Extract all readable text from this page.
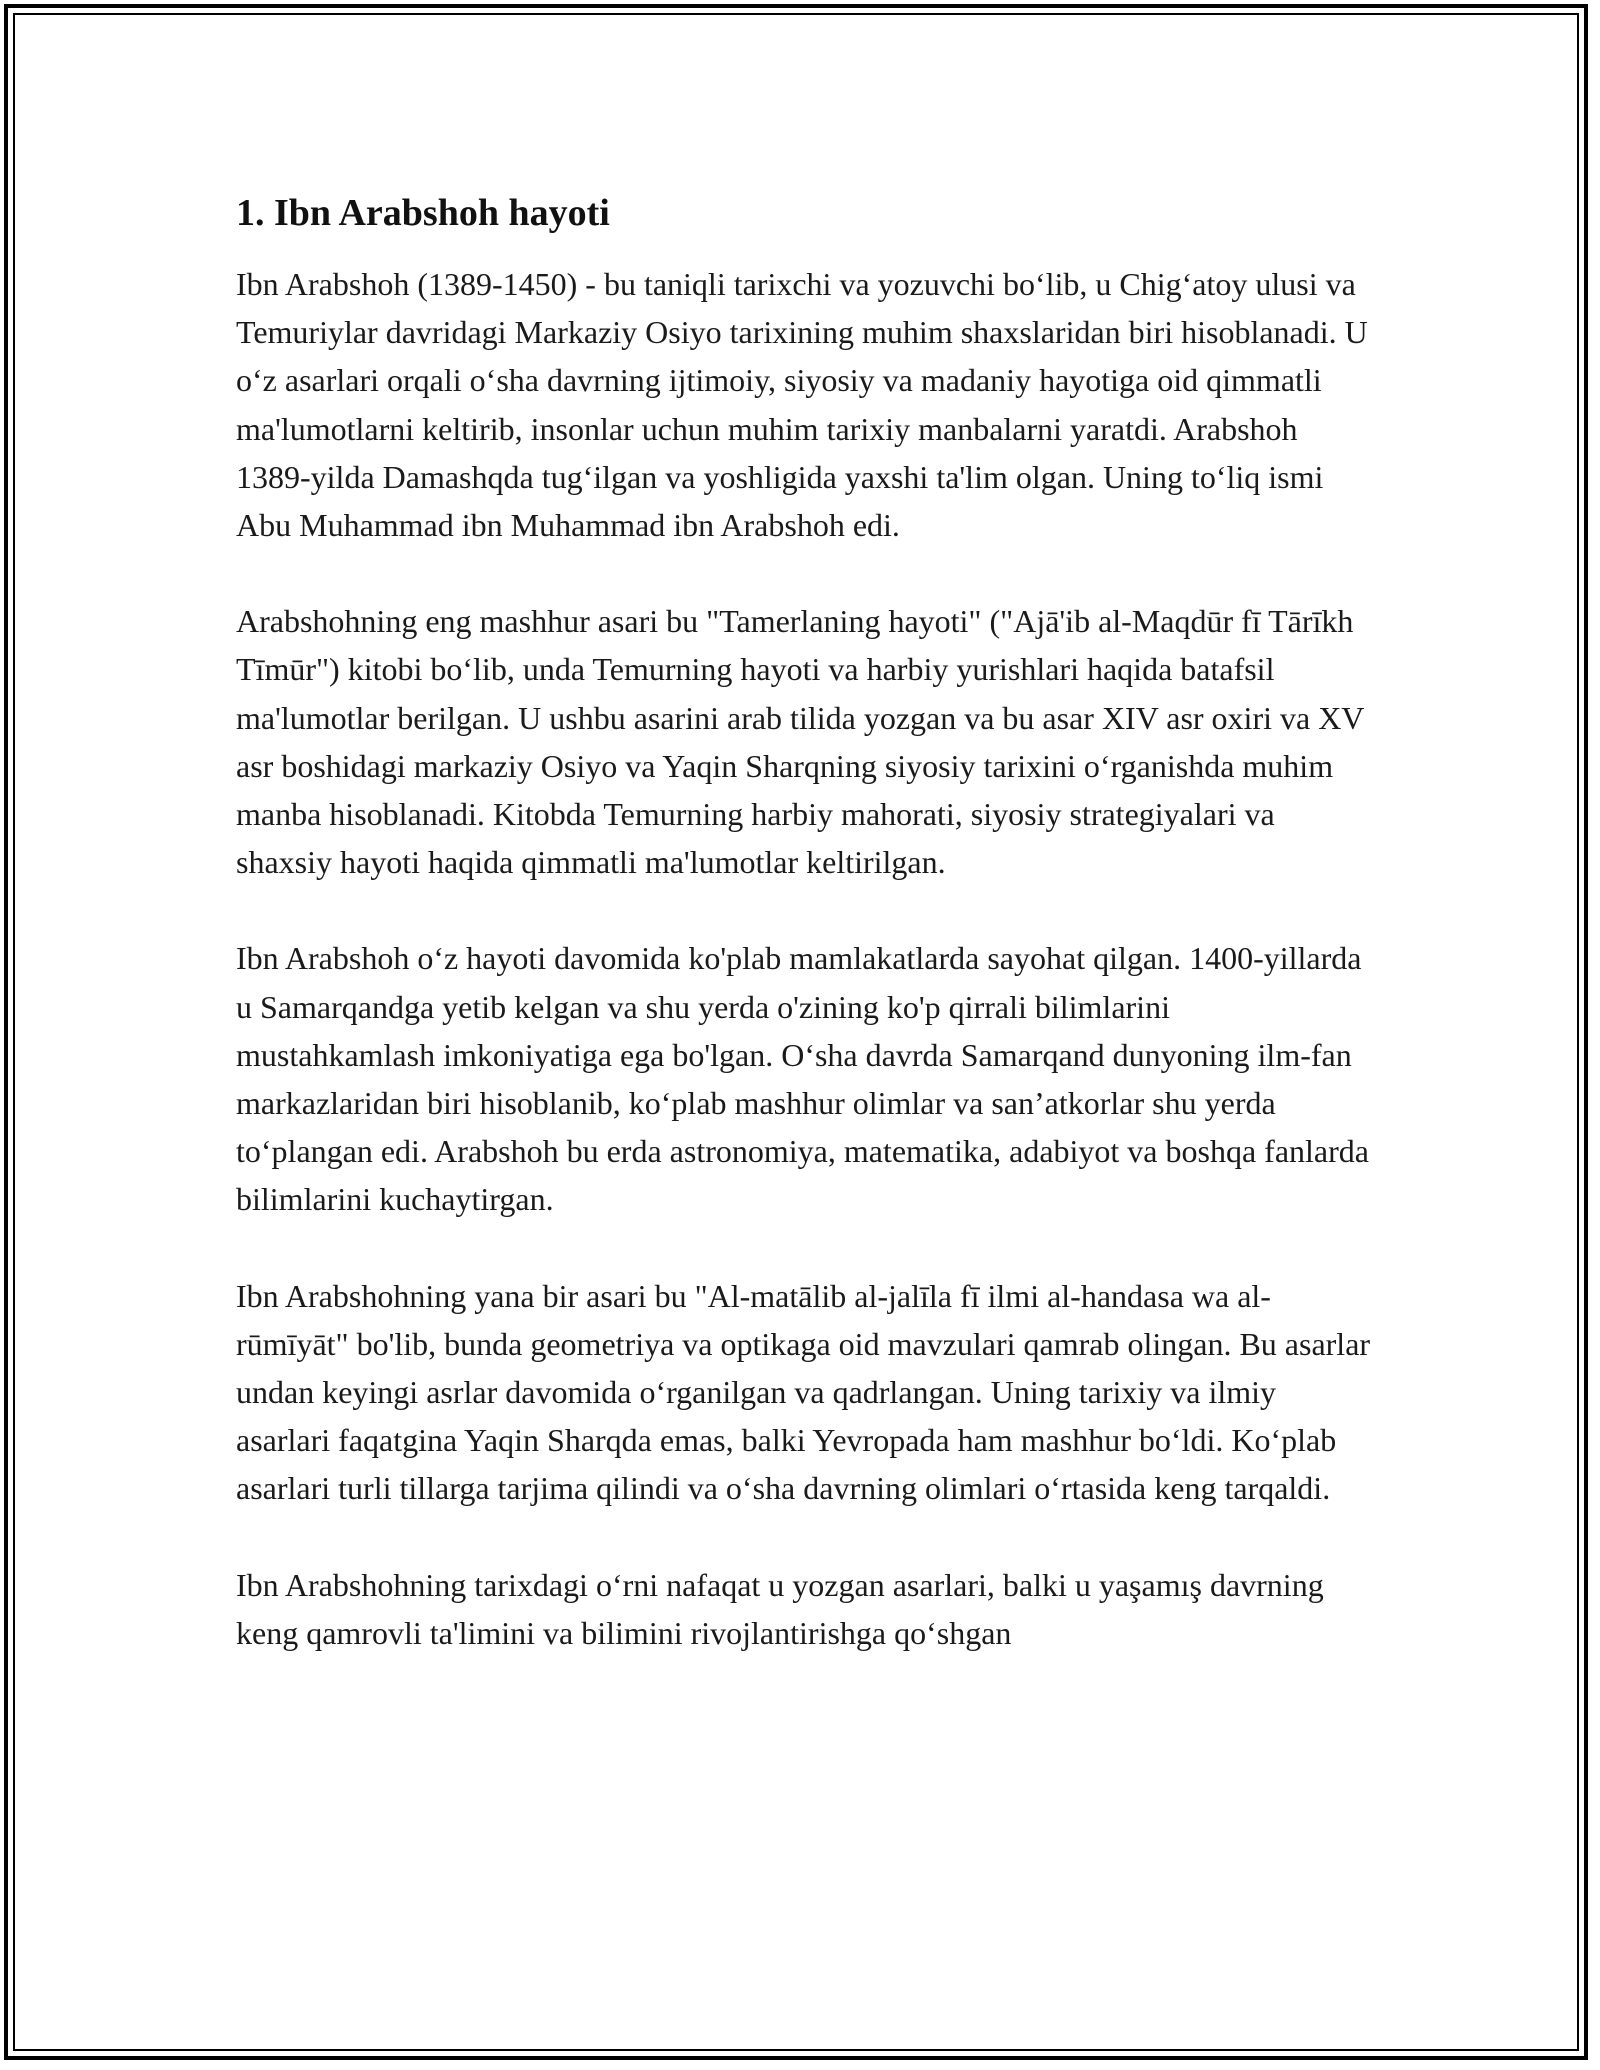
1. Ibn Arabshoh hayoti

Ibn Arabshoh (1389-1450) - bu taniqli tarixchi va yozuvchi bo‘lib, u Chig‘atoy ulusi va Temuriylar davridagi Markaziy Osiyo tarixining muhim shaxslaridan biri hisoblanadi. U o‘z asarlari orqali o‘sha davrning ijtimoiy, siyosiy va madaniy hayotiga oid qimmatli ma'lumotlarni keltirib, insonlar uchun muhim tarixiy manbalarni yaratdi. Arabshoh 1389-yilda Damashqda tug‘ilgan va yoshligida yaxshi ta'lim olgan. Uning to‘liq ismi Abu Muhammad ibn Muhammad ibn Arabshoh edi.

Arabshohning eng mashhur asari bu "Tamerlaning hayoti" ("Ajā'ib al-Maqdūr fī Tārīkh Tīmūr") kitobi bo‘lib, unda Temurning hayoti va harbiy yurishlari haqida batafsil ma'lumotlar berilgan. U ushbu asarini arab tilida yozgan va bu asar XIV asr oxiri va XV asr boshidagi markaziy Osiyo va Yaqin Sharqning siyosiy tarixini o‘rganishda muhim manba hisoblanadi. Kitobda Temurning harbiy mahorati, siyosiy strategiyalari va shaxsiy hayoti haqida qimmatli ma'lumotlar keltirilgan.

Ibn Arabshoh o‘z hayoti davomida ko'plab mamlakatlarda sayohat qilgan. 1400-yillarda u Samarqandga yetib kelgan va shu yerda o'zining ko'p qirrali bilimlarini mustahkamlash imkoniyatiga ega bo'lgan. O‘sha davrda Samarqand dunyoning ilm-fan markazlaridan biri hisoblanib, ko‘plab mashhur olimlar va san’atkorlar shu yerda to‘plangan edi. Arabshoh bu erda astronomiya, matematika, adabiyot va boshqa fanlarda bilimlarini kuchaytirgan.

Ibn Arabshohning yana bir asari bu "Al-matālib al-jalīla fī ilmi al-handasa wa al-rūmīyāt" bo'lib, bunda geometriya va optikaga oid mavzulari qamrab olingan. Bu asarlar undan keyingi asrlar davomida o‘rganilgan va qadrlangan. Uning tarixiy va ilmiy asarlari faqatgina Yaqin Sharqda emas, balki Yevropada ham mashhur bo‘ldi. Ko‘plab asarlari turli tillarga tarjima qilindi va o‘sha davrning olimlari o‘rtasida keng tarqaldi.

Ibn Arabshohning tarixdagi o‘rni nafaqat u yozgan asarlari, balki u yaşamış davrning keng qamrovli ta'limini va bilimini rivojlantirishga qo‘shgan
